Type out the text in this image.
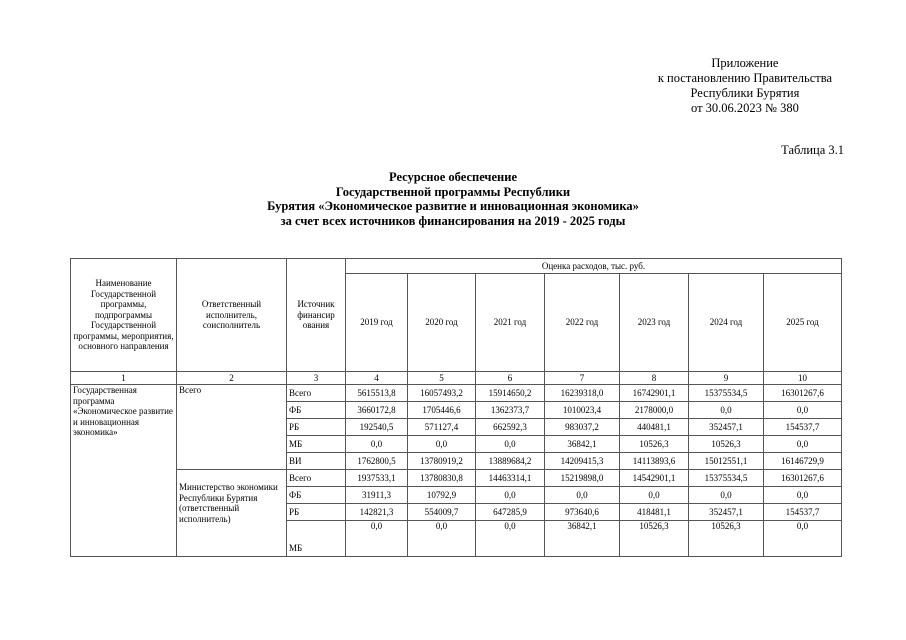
Приложение
к постановлению Правительства
Республики Бурятия
от 30.06.2023 № 380
Таблица 3.1
Ресурсное обеспечение
Государственной программы Республики
Бурятия «Экономическое развитие и инновационная экономика»
за счет всех источников финансирования на 2019 - 2025 годы
Наименование Государственной программы, подпрограммы Государственной программы, мероприятия, основного направления	Ответственный исполнитель, соисполнитель	Источник финансир ования	Оценка расходов, тыс. руб.						
			2019 год	2020 год	2021 год	2022 год	2023 год	2024 год	2025 год
1	2	3	4	5	6	7	8	9	10
Государственная программа «Экономическое развитие и инновационная экономика»	Всего	Всего	5615513,8	16057493,2	15914650,2	16239318,0	16742901,1	15375534,5	16301267,6
		ФБ	3660172,8	1705446,6	1362373,7	1010023,4	2178000,0	0,0	0,0
		РБ	192540,5	571127,4	662592,3	983037,2	440481,1	352457,1	154537,7
		МБ	0,0	0,0	0,0	36842,1	10526,3	10526,3	0,0
		ВИ	1762800,5	13780919,2	13889684,2	14209415,3	14113893,6	15012551,1	16146729,9
	Министерство экономики Республики Бурятия (ответственный исполнитель)	Всего	1937533,1	13780830,8	14463314,1	15219898,0	14542901,1	15375534,5	16301267,6
		ФБ	31911,3	10792,9	0,0	0,0	0,0	0,0	0,0
		РБ	142821,3	554009,7	647285,9	973640,6	418481,1	352457,1	154537,7
		МБ	0,0	0,0	0,0	36842,1	10526,3	10526,3	0,0
